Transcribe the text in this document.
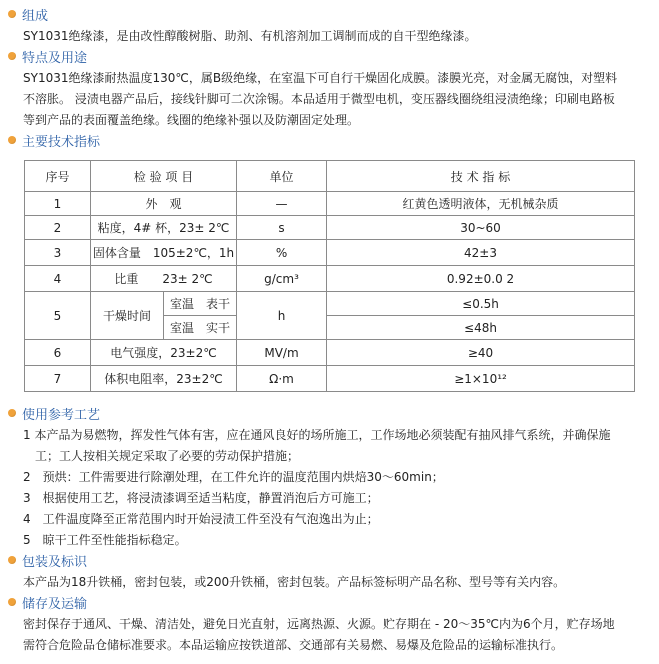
组成
SY1031绝缘漆，是由改性醇酸树脂、助剂、有机溶剂加工调制而成的自干型绝缘漆。
特点及用途
SY1031绝缘漆耐热温度130℃，属B级绝缘，在室温下可自行干燥固化成膜。漆膜光亮，对金属无腐蚀，对塑料
不溶胀。 浸渍电器产品后，接线针脚可二次涂锡。本品适用于微型电机，变压器线圈绕组浸渍绝缘；印刷电路板
等到产品的表面覆盖绝缘。线圈的绝缘补强以及防潮固定处理。
主要技术指标
序号	检 验 项 目		单位	技 术 指 标
1	外　观		—	红黄色透明液体，无机械杂质
2	粘度，4# 杯，23± 2℃		s	30~60
3	固体含量　105±2℃，1h		%	42±3
4	比重　　23± 2℃		g/cm³	0.92±0.0 2
5	干燥时间	室温　表干	h	≤0.5h
		室温　实干		≤48h
6	电气强度，23±2℃		MV/m	≥40
7	体积电阻率，23±2℃		Ω·m	≥1×10¹²
使用参考工艺
1 本产品为易燃物，挥发性气体有害，应在通风良好的场所施工，工作场地必须装配有抽风排气系统，并确保施
　工；工人按相关规定采取了必要的劳动保护措施；
2　预烘：工件需要进行除潮处理，在工件允许的温度范围内烘焙30～60min；
3　根据使用工艺，将浸渍漆调至适当粘度，静置消泡后方可施工；
4　工件温度降至正常范围内时开始浸渍工件至没有气泡逸出为止；
5　晾干工件至性能指标稳定。
包装及标识
本产品为18升铁桶，密封包装，或200升铁桶，密封包装。产品标签标明产品名称、型号等有关内容。
储存及运输
密封保存于通风、干燥、清洁处，避免日光直射，远离热源、火源。贮存期在 - 20～35℃内为6个月，贮存场地
需符合危险品仓储标准要求。本品运输应按铁道部、交通部有关易燃、易爆及危险品的运输标准执行。
